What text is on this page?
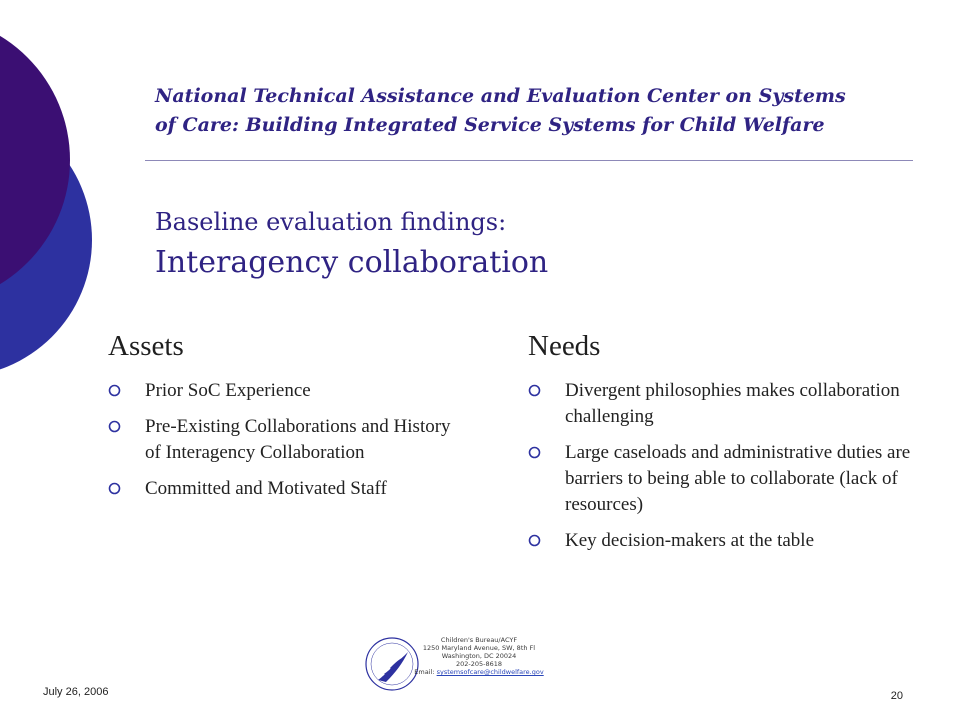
National Technical Assistance and Evaluation Center on Systems
of Care: Building Integrated Service Systems for Child Welfare
Baseline evaluation findings:
Interagency collaboration
Assets
Prior SoC Experience
Pre-Existing Collaborations and History of Interagency Collaboration
Committed and Motivated Staff
Needs
Divergent philosophies makes collaboration challenging
Large caseloads and administrative duties are barriers to being able to collaborate (lack of resources)
Key decision-makers at the table
Children's Bureau/ACYF
1250 Maryland Avenue, SW, 8th Fl
Washington, DC 20024
202-205-8618
Email: systemsofcare@childwelfare.gov
July 26, 2006	20
